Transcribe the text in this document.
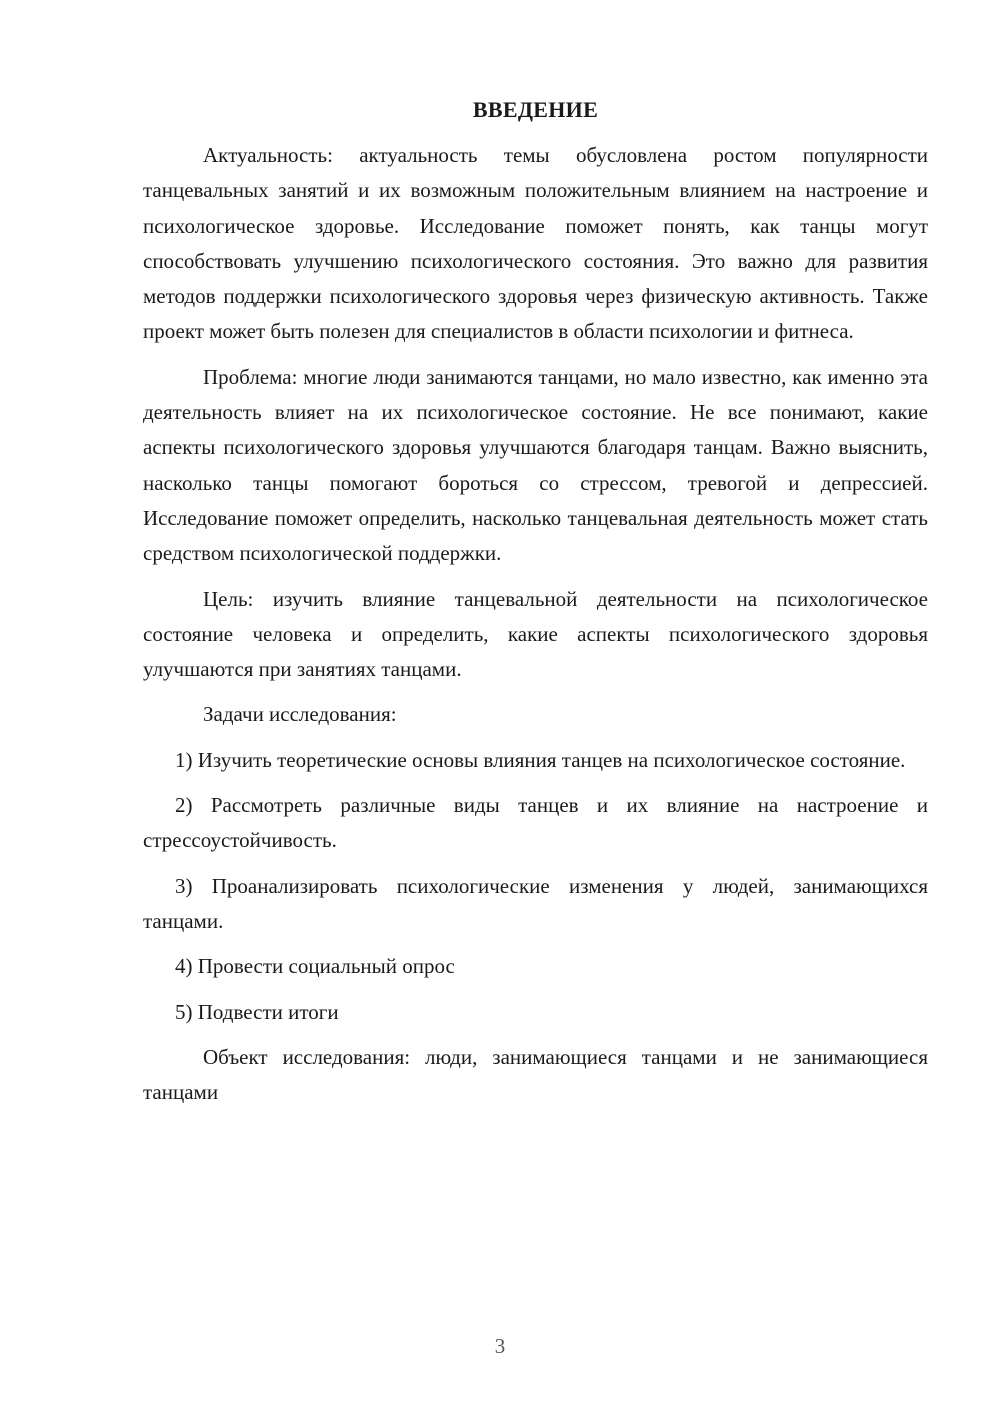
ВВЕДЕНИЕ

Актуальность: актуальность темы обусловлена ростом популярности танцевальных занятий и их возможным положительным влиянием на настроение и психологическое здоровье. Исследование поможет понять, как танцы могут способствовать улучшению психологического состояния. Это важно для развития методов поддержки психологического здоровья через физическую активность. Также проект может быть полезен для специалистов в области психологии и фитнеса.

Проблема: многие люди занимаются танцами, но мало известно, как именно эта деятельность влияет на их психологическое состояние. Не все понимают, какие аспекты психологического здоровья улучшаются благодаря танцам. Важно выяснить, насколько танцы помогают бороться со стрессом, тревогой и депрессией. Исследование поможет определить, насколько танцевальная деятельность может стать средством психологической поддержки.

Цель: изучить влияние танцевальной деятельности на психологическое состояние человека и определить, какие аспекты психологического здоровья улучшаются при занятиях танцами.

Задачи исследования:

1) Изучить теоретические основы влияния танцев на психологическое состояние.

2) Рассмотреть различные виды танцев и их влияние на настроение и стрессоустойчивость.

3) Проанализировать психологические изменения у людей, занимающихся танцами.

4) Провести социальный опрос

5) Подвести итоги

Объект исследования: люди, занимающиеся танцами и не занимающиеся танцами

3
